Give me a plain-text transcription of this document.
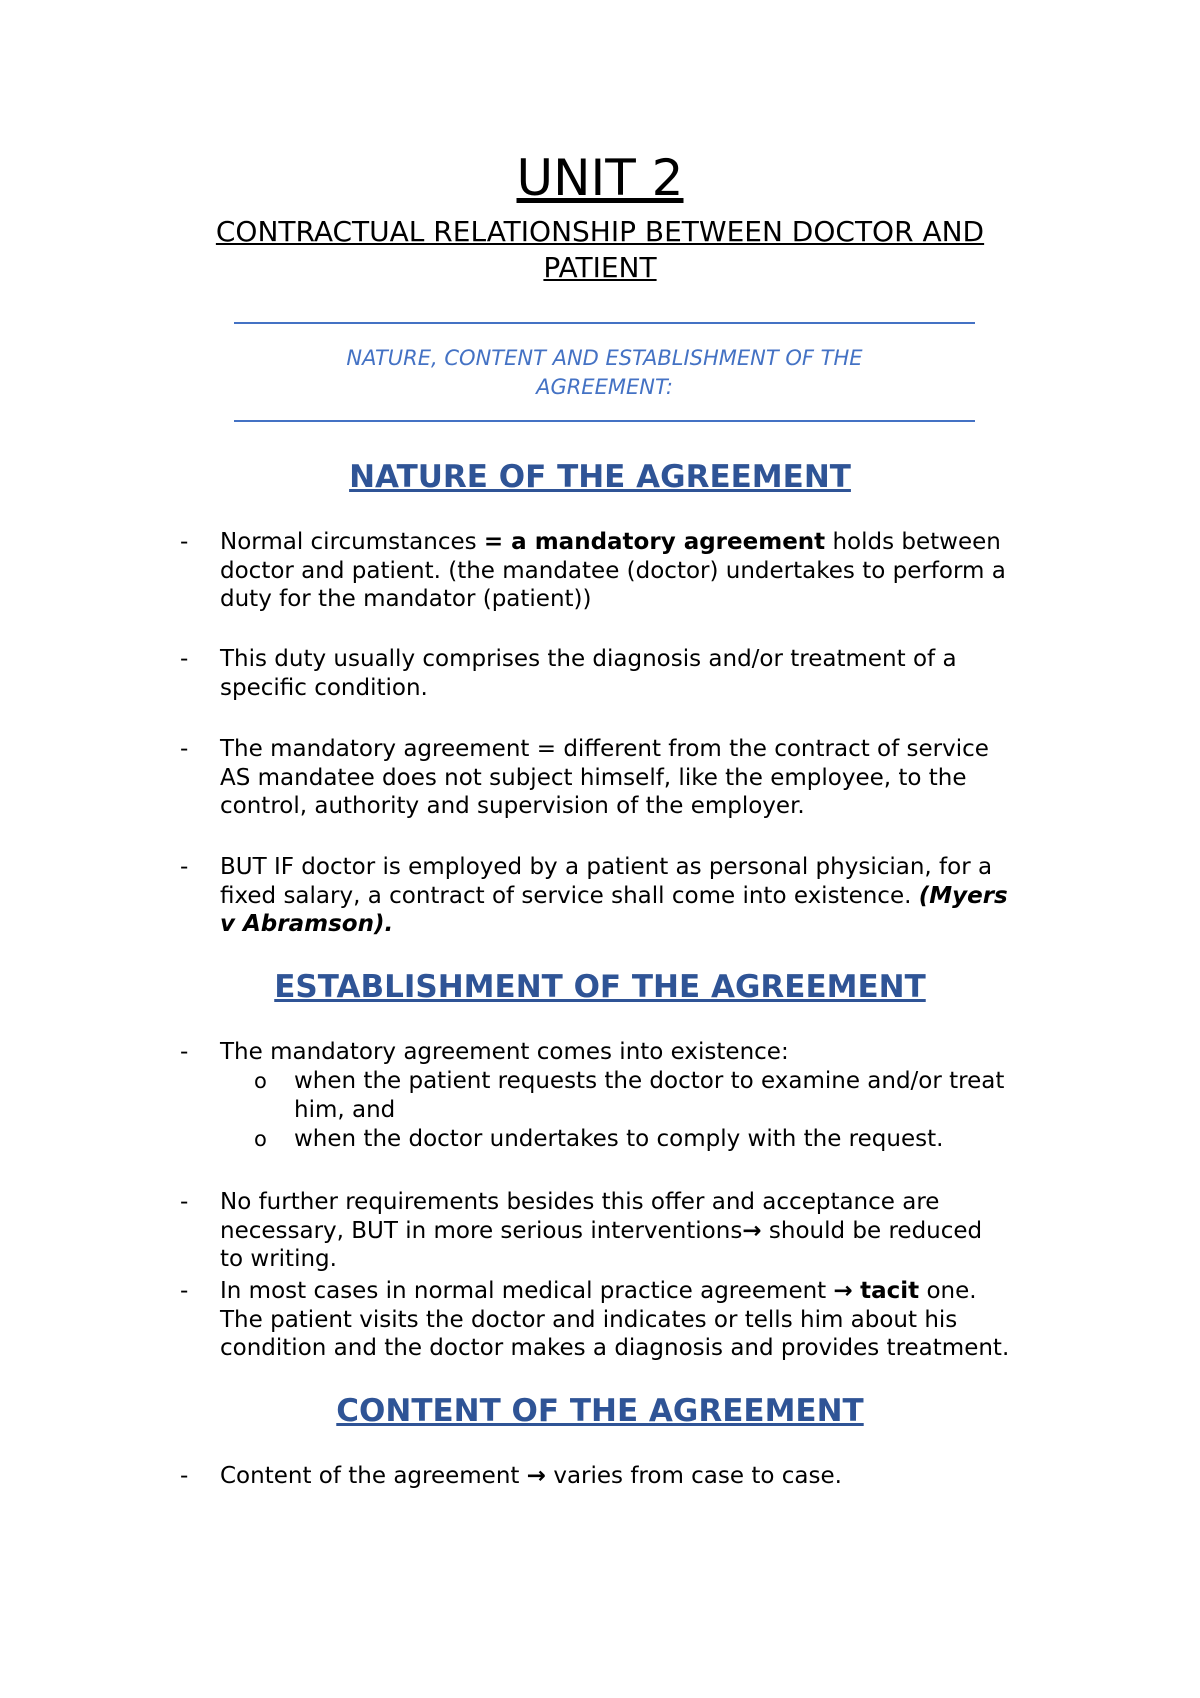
UNIT 2
CONTRACTUAL RELATIONSHIP BETWEEN DOCTOR AND
PATIENT
NATURE, CONTENT AND ESTABLISHMENT OF THE
AGREEMENT:
NATURE OF THE AGREEMENT
-	Normal circumstances = a mandatory agreement holds between
doctor and patient. (the mandatee (doctor) undertakes to perform a
duty for the mandator (patient))
-	This duty usually comprises the diagnosis and/or treatment of a
specific condition.
-	The mandatory agreement = different from the contract of service
AS mandatee does not subject himself, like the employee, to the
control, authority and supervision of the employer.
-	BUT IF doctor is employed by a patient as personal physician, for a
fixed salary, a contract of service shall come into existence. (Myers
v Abramson).
ESTABLISHMENT OF THE AGREEMENT
-	The mandatory agreement comes into existence:
o when the patient requests the doctor to examine and/or treat
him, and
o when the doctor undertakes to comply with the request.
-	No further requirements besides this offer and acceptance are
necessary, BUT in more serious interventions→ should be reduced
to writing.
-	In most cases in normal medical practice agreement → tacit one.
The patient visits the doctor and indicates or tells him about his
condition and the doctor makes a diagnosis and provides treatment.
CONTENT OF THE AGREEMENT
-	Content of the agreement → varies from case to case.
